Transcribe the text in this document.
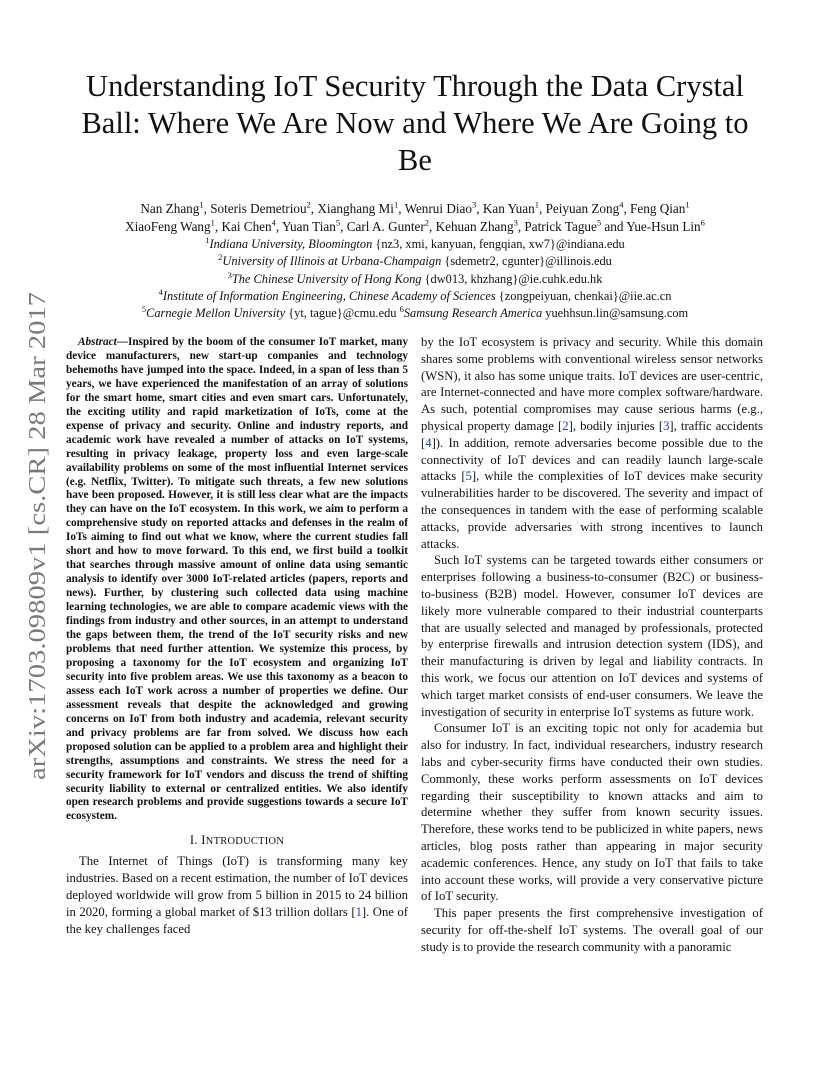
arXiv:1703.09809v1 [cs.CR] 28 Mar 2017
Understanding IoT Security Through the Data Crystal Ball: Where We Are Now and Where We Are Going to Be
Nan Zhang$^1$, Soteris Demetriou$^2$, Xianghang Mi$^1$, Wenrui Diao$^3$, Kan Yuan$^1$, Peiyuan Zong$^4$, Feng Qian$^1$
XiaoFeng Wang$^1$, Kai Chen$^4$, Yuan Tian$^5$, Carl A. Gunter$^2$, Kehuan Zhang$^3$, Patrick Tague$^5$ and Yue-Hsun Lin$^6$
$^1$Indiana University, Bloomington {nz3, xmi, kanyuan, fengqian, xw7}@indiana.edu
$^2$University of Illinois at Urbana-Champaign {sdemetr2, cgunter}@illinois.edu
$^3$The Chinese University of Hong Kong {dw013, khzhang}@ie.cuhk.edu.hk
$^4$Institute of Information Engineering, Chinese Academy of Sciences {zongpeiyuan, chenkai}@iie.ac.cn
$^5$Carnegie Mellon University {yt, tague}@cmu.edu $^6$Samsung Research America yuehhsun.lin@samsung.com

Abstract—Inspired by the boom of the consumer IoT market, many device manufacturers, new start-up companies and technology behemoths have jumped into the space. Indeed, in a span of less than 5 years, we have experienced the manifestation of an array of solutions for the smart home, smart cities and even smart cars. Unfortunately, the exciting utility and rapid marketization of IoTs, come at the expense of privacy and security. Online and industry reports, and academic work have revealed a number of attacks on IoT systems, resulting in privacy leakage, property loss and even large-scale availability problems on some of the most influential Internet services (e.g. Netflix, Twitter). To mitigate such threats, a few new solutions have been proposed. However, it is still less clear what are the impacts they can have on the IoT ecosystem. In this work, we aim to perform a comprehensive study on reported attacks and defenses in the realm of IoTs aiming to find out what we know, where the current studies fall short and how to move forward. To this end, we first build a toolkit that searches through massive amount of online data using semantic analysis to identify over 3000 IoT-related articles (papers, reports and news). Further, by clustering such collected data using machine learning technologies, we are able to compare academic views with the findings from industry and other sources, in an attempt to understand the gaps between them, the trend of the IoT security risks and new problems that need further attention. We systemize this process, by proposing a taxonomy for the IoT ecosystem and organizing IoT security into five problem areas. We use this taxonomy as a beacon to assess each IoT work across a number of properties we define. Our assessment reveals that despite the acknowledged and growing concerns on IoT from both industry and academia, relevant security and privacy problems are far from solved. We discuss how each proposed solution can be applied to a problem area and highlight their strengths, assumptions and constraints. We stress the need for a security framework for IoT vendors and discuss the trend of shifting security liability to external or centralized entities. We also identify open research problems and provide suggestions towards a secure IoT ecosystem.

I. INTRODUCTION

The Internet of Things (IoT) is transforming many key industries. Based on a recent estimation, the number of IoT devices deployed worldwide will grow from 5 billion in 2015 to 24 billion in 2020, forming a global market of $13 trillion dollars [1]. One of the key challenges faced

by the IoT ecosystem is privacy and security. While this domain shares some problems with conventional wireless sensor networks (WSN), it also has some unique traits. IoT devices are user-centric, are Internet-connected and have more complex software/hardware. As such, potential compromises may cause serious harms (e.g., physical property damage [2], bodily injuries [3], traffic accidents [4]). In addition, remote adversaries become possible due to the connectivity of IoT devices and can readily launch large-scale attacks [5], while the complexities of IoT devices make security vulnerabilities harder to be discovered. The severity and impact of the consequences in tandem with the ease of performing scalable attacks, provide adversaries with strong incentives to launch attacks.

Such IoT systems can be targeted towards either consumers or enterprises following a business-to-consumer (B2C) or business-to-business (B2B) model. However, consumer IoT devices are likely more vulnerable compared to their industrial counterparts that are usually selected and managed by professionals, protected by enterprise firewalls and intrusion detection system (IDS), and their manufacturing is driven by legal and liability contracts. In this work, we focus our attention on IoT devices and systems of which target market consists of end-user consumers. We leave the investigation of security in enterprise IoT systems as future work.

Consumer IoT is an exciting topic not only for academia but also for industry. In fact, individual researchers, industry research labs and cyber-security firms have conducted their own studies. Commonly, these works perform assessments on IoT devices regarding their susceptibility to known attacks and aim to determine whether they suffer from known security issues. Therefore, these works tend to be publicized in white papers, news articles, blog posts rather than appearing in major security academic conferences. Hence, any study on IoT that fails to take into account these works, will provide a very conservative picture of IoT security.

This paper presents the first comprehensive investigation of security for off-the-shelf IoT systems. The overall goal of our study is to provide the research community with a panoramic
